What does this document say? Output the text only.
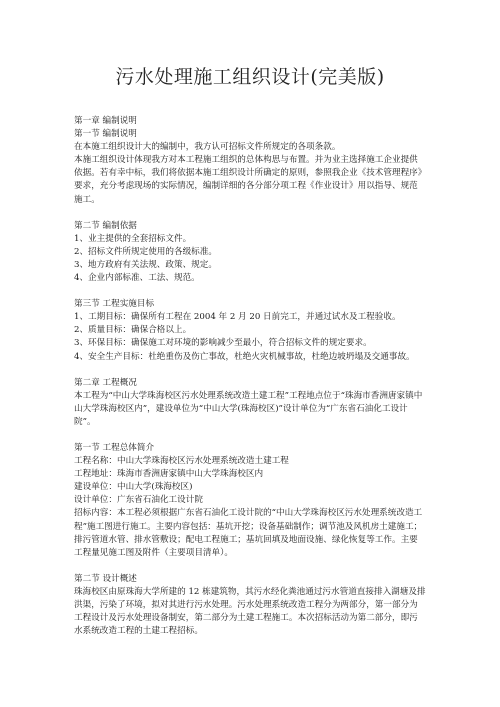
污水处理施工组织设计(完美版)

第一章 编制说明

第一节 编制说明

在本施工组织设计大的编制中，我方认可招标文件所规定的各项条款。

本施工组织设计体现我方对本工程施工组织的总体构思与布置。并为业主选择施工企业提供依据。若有幸中标，我们将依据本施工组织设计所确定的原则，参照我企业《技术管理程序》要求，充分考虑现场的实际情况，编制详细的各分部分项工程《作业设计》用以指导、规范施工。

第二节 编制依据

1、业主提供的全套招标文件。

2、招标文件所规定使用的各级标准。

3、地方政府有关法规、政策、规定。

4、企业内部标准、工法、规范。

第三节 工程实施目标

1、工期目标：确保所有工程在 2004 年 2 月 20 日前完工，并通过试水及工程验收。

2、质量目标：确保合格以上。

3、环保目标：确保施工对环境的影响减少至最小，符合招标文件的规定要求。

4、安全生产目标：杜绝重伤及伤亡事故，杜绝火灾机械事故，杜绝边坡坍塌及交通事故。

第二章 工程概况

本工程为“中山大学珠海校区污水处理系统改造土建工程”工程地点位于“珠海市香洲唐家镇中山大学珠海校区内”，建设单位为“中山大学(珠海校区)”设计单位为“广东省石油化工设计院”。

第一节 工程总体简介

工程名称：中山大学珠海校区污水处理系统改造土建工程

工程地址：珠海市香洲唐家镇中山大学珠海校区内

建设单位：中山大学(珠海校区)

设计单位：广东省石油化工设计院

招标内容：本工程必须根据广东省石油化工设计院的“中山大学珠海校区污水处理系统改造工程”施工图进行施工。主要内容包括：基坑开挖；设备基础制作；调节池及风机房土建施工；排污管道水管、排水管敷设；配电工程施工；基坑回填及地面设施、绿化恢复等工作。主要工程量见施工图及附件（主要项目清单）。

第二节 设计概述

珠海校区由原珠海大学所建的 12 栋建筑物，其污水经化粪池通过污水管道直接排入湖塘及排洪渠，污染了环境，拟对其进行污水处理。污水处理系统改造工程分为两部分，第一部分为工程设计及污水处理设备制安，第二部分为土建工程施工。本次招标活动为第二部分，即污水系统改造工程的土建工程招标。
